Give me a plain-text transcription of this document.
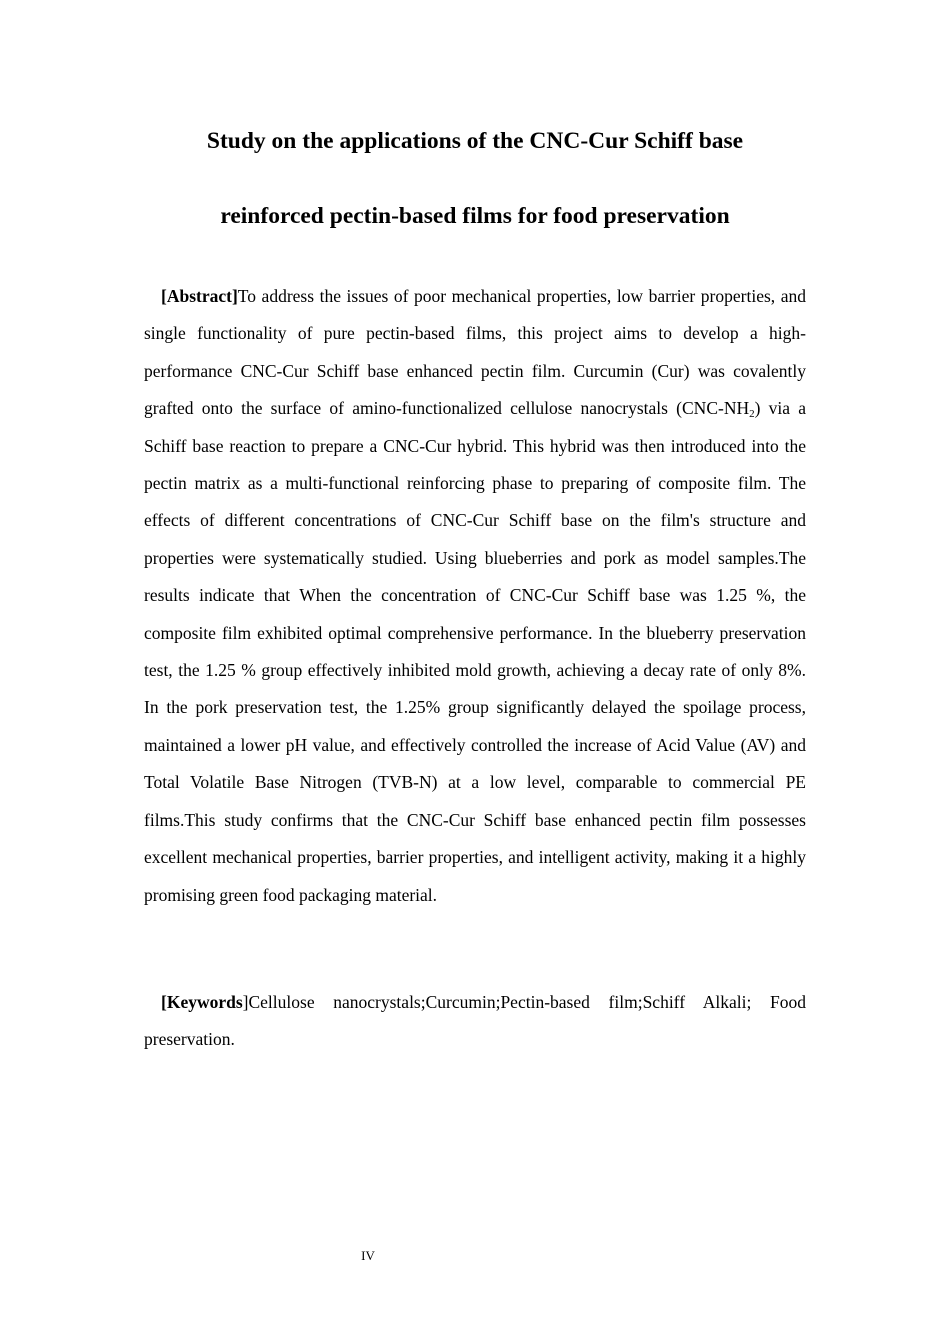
Study on the applications of the CNC-Cur Schiff base
reinforced pectin-based films for food preservation

[Abstract]To address the issues of poor mechanical properties, low barrier properties, and single functionality of pure pectin-based films, this project aims to develop a high-performance CNC-Cur Schiff base enhanced pectin film. Curcumin (Cur) was covalently grafted onto the surface of amino-functionalized cellulose nanocrystals $(CNC-NH_2)$ via a Schiff base reaction to prepare a CNC-Cur hybrid. This hybrid was then introduced into the pectin matrix as a multi-functional reinforcing phase to preparing of composite film. The effects of different concentrations of CNC-Cur Schiff base on the film's structure and properties were systematically studied. Using blueberries and pork as model samples.The results indicate that When the concentration of CNC-Cur Schiff base was 1.25 %, the composite film exhibited optimal comprehensive performance. In the blueberry preservation test, the 1.25 % group effectively inhibited mold growth, achieving a decay rate of only 8%. In the pork preservation test, the 1.25% group significantly delayed the spoilage process, maintained a lower pH value, and effectively controlled the increase of Acid Value (AV) and Total Volatile Base Nitrogen (TVB-N) at a low level, comparable to commercial PE films.This study confirms that the CNC-Cur Schiff base enhanced pectin film possesses excellent mechanical properties, barrier properties, and intelligent activity, making it a highly promising green food packaging material.

[Keywords]Cellulose nanocrystals;Curcumin;Pectin-based film;Schiff Alkali; Food preservation.

IV
